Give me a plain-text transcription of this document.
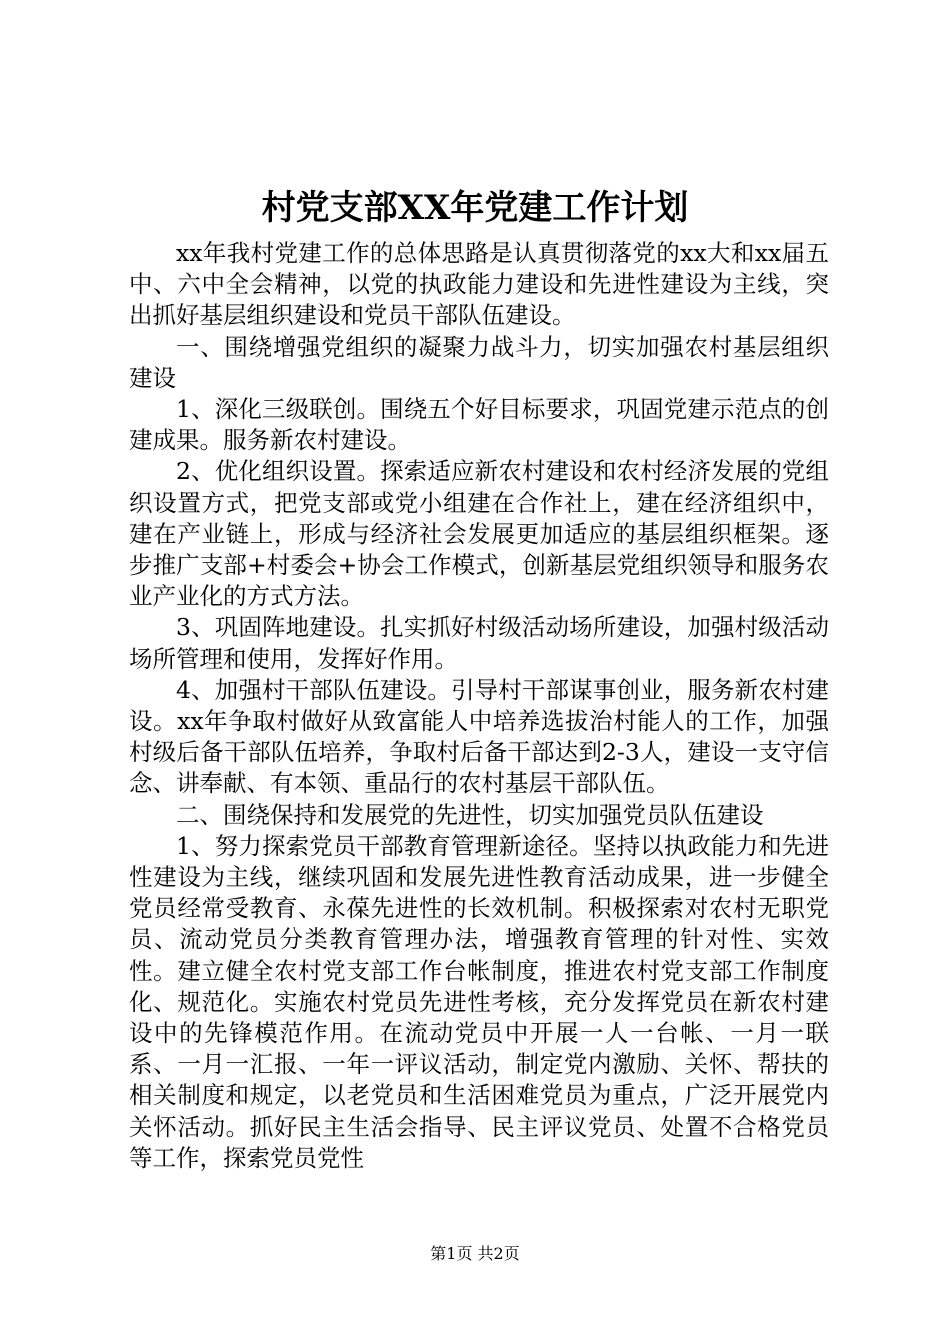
村党支部XX年党建工作计划

xx年我村党建工作的总体思路是认真贯彻落党的xx大和xx届五中、六中全会精神，以党的执政能力建设和先进性建设为主线，突出抓好基层组织建设和党员干部队伍建设。

一、围绕增强党组织的凝聚力战斗力，切实加强农村基层组织建设

1、深化三级联创。围绕五个好目标要求，巩固党建示范点的创建成果。服务新农村建设。

2、优化组织设置。探索适应新农村建设和农村经济发展的党组织设置方式，把党支部或党小组建在合作社上，建在经济组织中，建在产业链上，形成与经济社会发展更加适应的基层组织框架。逐步推广支部+村委会+协会工作模式，创新基层党组织领导和服务农业产业化的方式方法。

3、巩固阵地建设。扎实抓好村级活动场所建设，加强村级活动场所管理和使用，发挥好作用。

4、加强村干部队伍建设。引导村干部谋事创业，服务新农村建设。xx年争取村做好从致富能人中培养选拔治村能人的工作，加强村级后备干部队伍培养，争取村后备干部达到2-3人，建设一支守信念、讲奉献、有本领、重品行的农村基层干部队伍。

二、围绕保持和发展党的先进性，切实加强党员队伍建设

1、努力探索党员干部教育管理新途径。坚持以执政能力和先进性建设为主线，继续巩固和发展先进性教育活动成果，进一步健全党员经常受教育、永葆先进性的长效机制。积极探索对农村无职党员、流动党员分类教育管理办法，增强教育管理的针对性、实效性。建立健全农村党支部工作台帐制度，推进农村党支部工作制度化、规范化。实施农村党员先进性考核，充分发挥党员在新农村建设中的先锋模范作用。在流动党员中开展一人一台帐、一月一联系、一月一汇报、一年一评议活动，制定党内激励、关怀、帮扶的相关制度和规定，以老党员和生活困难党员为重点，广泛开展党内关怀活动。抓好民主生活会指导、民主评议党员、处置不合格党员等工作，探索党员党性

第1页 共2页
